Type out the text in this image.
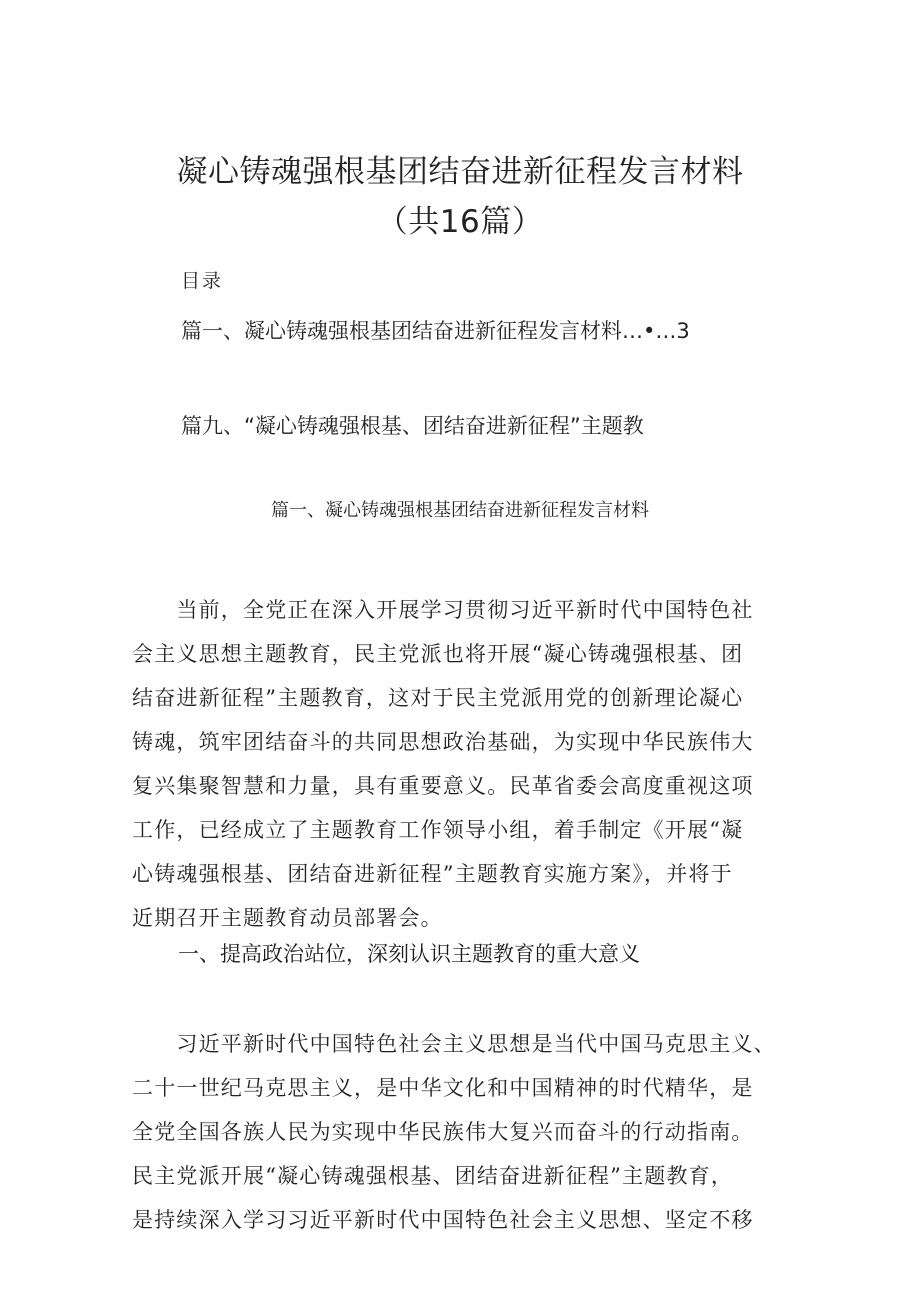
凝心铸魂强根基团结奋进新征程发言材料
（共16篇）
目录
篇一、凝心铸魂强根基团结奋进新征程发言材料…•…3
篇九、“凝心铸魂强根基、团结奋进新征程”主题教
篇一、凝心铸魂强根基团结奋进新征程发言材料
　　当前，全党正在深入开展学习贯彻习近平新时代中国特色社
会主义思想主题教育，民主党派也将开展“凝心铸魂强根基、团
结奋进新征程”主题教育，这对于民主党派用党的创新理论凝心
铸魂，筑牢团结奋斗的共同思想政治基础，为实现中华民族伟大
复兴集聚智慧和力量，具有重要意义。民革省委会高度重视这项
工作，已经成立了主题教育工作领导小组，着手制定《开展“凝
心铸魂强根基、团结奋进新征程”主题教育实施方案》，并将于
近期召开主题教育动员部署会。
一、提高政治站位，深刻认识主题教育的重大意义
　　习近平新时代中国特色社会主义思想是当代中国马克思主义、
二十一世纪马克思主义，是中华文化和中国精神的时代精华，是
全党全国各族人民为实现中华民族伟大复兴而奋斗的行动指南。
民主党派开展“凝心铸魂强根基、团结奋进新征程”主题教育，
是持续深入学习习近平新时代中国特色社会主义思想、坚定不移
